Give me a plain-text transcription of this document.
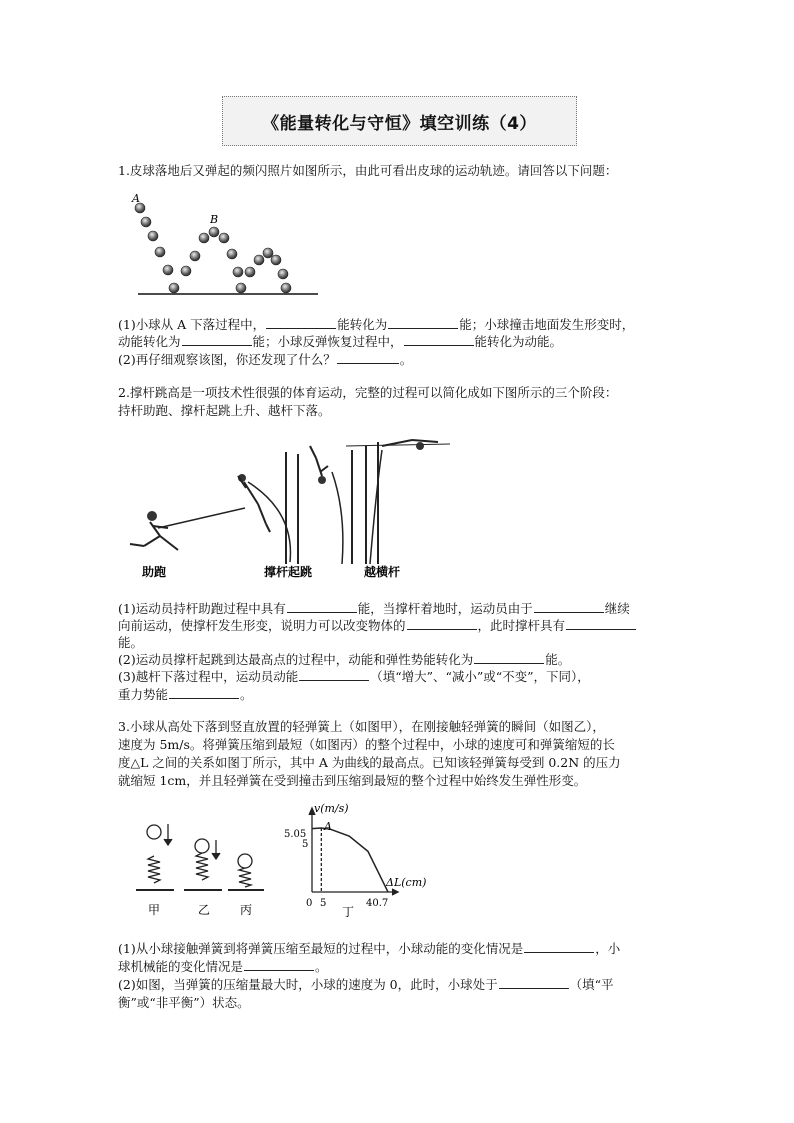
《能量转化与守恒》填空训练（4）
1.皮球落地后又弹起的频闪照片如图所示，由此可看出皮球的运动轨迹。请回答以下问题：
A
B
(1)小球从 A 下落过程中，	能转化为	能；小球撞击地面发生形变时，
动能转化为	能；小球反弹恢复过程中，	能转化为动能。
(2)再仔细观察该图，你还发现了什么？	。
2.撑杆跳高是一项技术性很强的体育运动，完整的过程可以简化成如下图所示的三个阶段：
持杆助跑、撑杆起跳上升、越杆下落。
助跑	撑杆起跳	越横杆
(1)运动员持杆助跑过程中具有	能，当撑杆着地时，运动员由于	继续
向前运动，使撑杆发生形变，说明力可以改变物体的	，此时撑杆具有
能。
(2)运动员撑杆起跳到达最高点的过程中，动能和弹性势能转化为	能。
(3)越杆下落过程中，运动员动能	（填“增大”、“减小”或“不变”，下同），
重力势能	。
3.小球从高处下落到竖直放置的轻弹簧上（如图甲），在刚接触轻弹簧的瞬间（如图乙），
速度为 5m/s。将弹簧压缩到最短（如图丙）的整个过程中，小球的速度可和弹簧缩短的长
度△L 之间的关系如图丁所示，其中 A 为曲线的最高点。已知该轻弹簧每受到 0.2N 的压力
就缩短 1cm，并且轻弹簧在受到撞击到压缩到最短的整个过程中始终发生弹性形变。
甲	乙 丙
v(m/s)
A
5.05
5
ΔL(cm)
0 5	40.7
丁
(1)从小球接触弹簧到将弹簧压缩至最短的过程中，小球动能的变化情况是	，小
球机械能的变化情况是	。
(2)如图，当弹簧的压缩量最大时，小球的速度为 0，此时，小球处于	（填“平
衡”或“非平衡”）状态。
